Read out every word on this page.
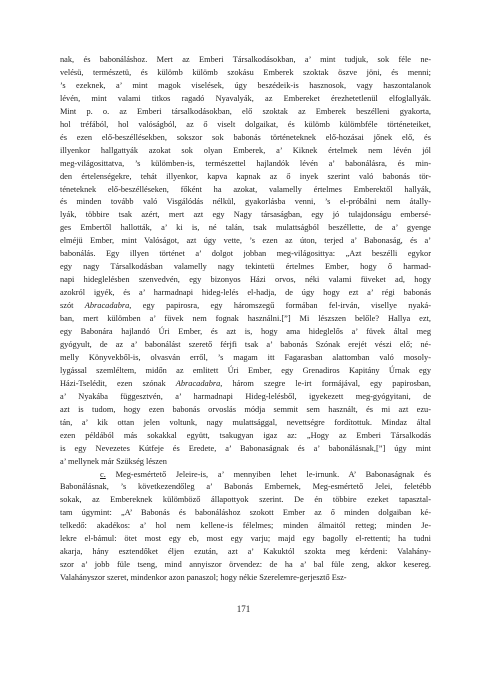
nak, és babonáláshoz. Mert az Emberi Társalkodásokban, a’ mint tudjuk, sok féle ne-
velésü, természetü, és külömb külömb szokásu Emberek szoktak öszve jöni, és menni;
’s ezeknek, a’ mint magok viselések, úgy beszédeik-is hasznosok, vagy haszontalanok
lévén, mint valami titkos ragadó Nyavalyák, az Embereket érezhetetlenül elfoglallyák.
Mint p. o. az Emberi társalkodásokban, elő szoktak az Emberek beszélleni gyakorta,
hol tréfából, hol valóságból, az ő viselt dolgaikat, és külömb külömbféle történeteiket,
és ezen elő-beszéllésekben, sokszor sok babonás történeteknek elő-hozásai jőnek elő, és
illyenkor hallgattyák azokat sok olyan Emberek, a’ Kiknek értelmek nem lévén jól
meg-világosittatva, ’s külömben-is, természettel hajlandók lévén a’ babonálásra, és min-
den értelenségekre, tehát illyenkor, kapva kapnak az ő inyek szerint való babonás tör-
téneteknek elő-beszélléseken, főként ha azokat, valamelly értelmes Emberektől hallyák,
és minden tovább való Visgálódás nélkül, gyakorlásba venni, ’s el-próbálni nem átally-
lyák, többire tsak azért, mert azt egy Nagy társaságban, egy jó tulajdonságu embersé-
ges Embertől hallották, a’ ki is, né talán, tsak mulattságból beszéllette, de a’ gyenge
elméjü Ember, mint Valóságot, azt úgy vette, ’s ezen az úton, terjed a’ Babonaság, és a’
babonálás. Egy illyen történet a’ dolgot jobban meg-világosittya: „Azt beszélli egykor
egy nagy Társalkodásban valamelly nagy tekintetü értelmes Ember, hogy ő harmad-
napi hideglelésben szenvedvén, egy bizonyos Házi orvos, néki valami füveket ad, hogy
azokról igyék, és a’ harmadnapi hideg-lelés el-hadja, de úgy hogy ezt a’ régi babonás
szót Abracadabra, egy papirosra, egy háromszegű formában fel-irván, visellye nyaká-
ban, mert külömben a’ füvek nem fognak használni.[”] Mi lészszen belőle? Hallya ezt,
egy Babonára hajlandó Úri Ember, és azt is, hogy ama hideglelős a’ füvek által meg
gyógyult, de az a’ babonálást szerető férjfi tsak a’ babonás Szónak erejét vészi elő; né-
melly Könyvekből-is, olvasván erről, ’s magam itt Fagarasban alattomban való mosoly-
lygással szemléltem, midőn az emlitett Úri Ember, egy Grenadiros Kapitány Úrnak egy
Házi-Tselédit, ezen szónak Abracadabra, három szegre le-irt formájával, egy papirosban,
a’ Nyakába függesztvén, a’ harmadnapi Hideg-lelésből, igyekezett meg-gyógyitani, de
azt is tudom, hogy ezen babonás orvoslás módja semmit sem használt, és mi azt ezu-
tán, a’ kik ottan jelen voltunk, nagy mulattsággal, nevettségre fordítottuk. Mindaz által
ezen példából más sokakkal együtt, tsakugyan igaz az: „Hogy az Emberi Társalkodás
is egy Nevezetes Kútfeje és Eredete, a’ Babonaságnak és a’ babonálásnak,[”] úgy mint
a’ mellynek már Szükség lészen
c. Meg-esmértető Jeleire-is, a’ mennyiben lehet le-irnunk. A’ Babonaságnak és
Babonálásnak, ’s következendőleg a’ Babonás Embernek, Meg-esmértető Jelei, feletébb
sokak, az Embereknek külömböző állapottyok szerint. De én többire ezeket tapasztal-
tam úgymint: „A’ Babonás és babonáláshoz szokott Ember az ő minden dolgaiban ké-
telkedő: akadékos: a’ hol nem kellene-is félelmes; minden álmaitól retteg; minden Je-
lekre el-bámul: ötet most egy eb, most egy varju; majd egy bagolly el-rettenti; ha tudni
akarja, hány esztendőket éljen ezután, azt a’ Kakuktól szokta meg kérdeni: Valahány-
szor a’ jobb füle tseng, mind annyiszor örvendez: de ha a’ bal füle zeng, akkor kesereg.
Valahányszor szeret, mindenkor azon panaszol; hogy nékie Szerelemre-gerjesztő Esz-
171
